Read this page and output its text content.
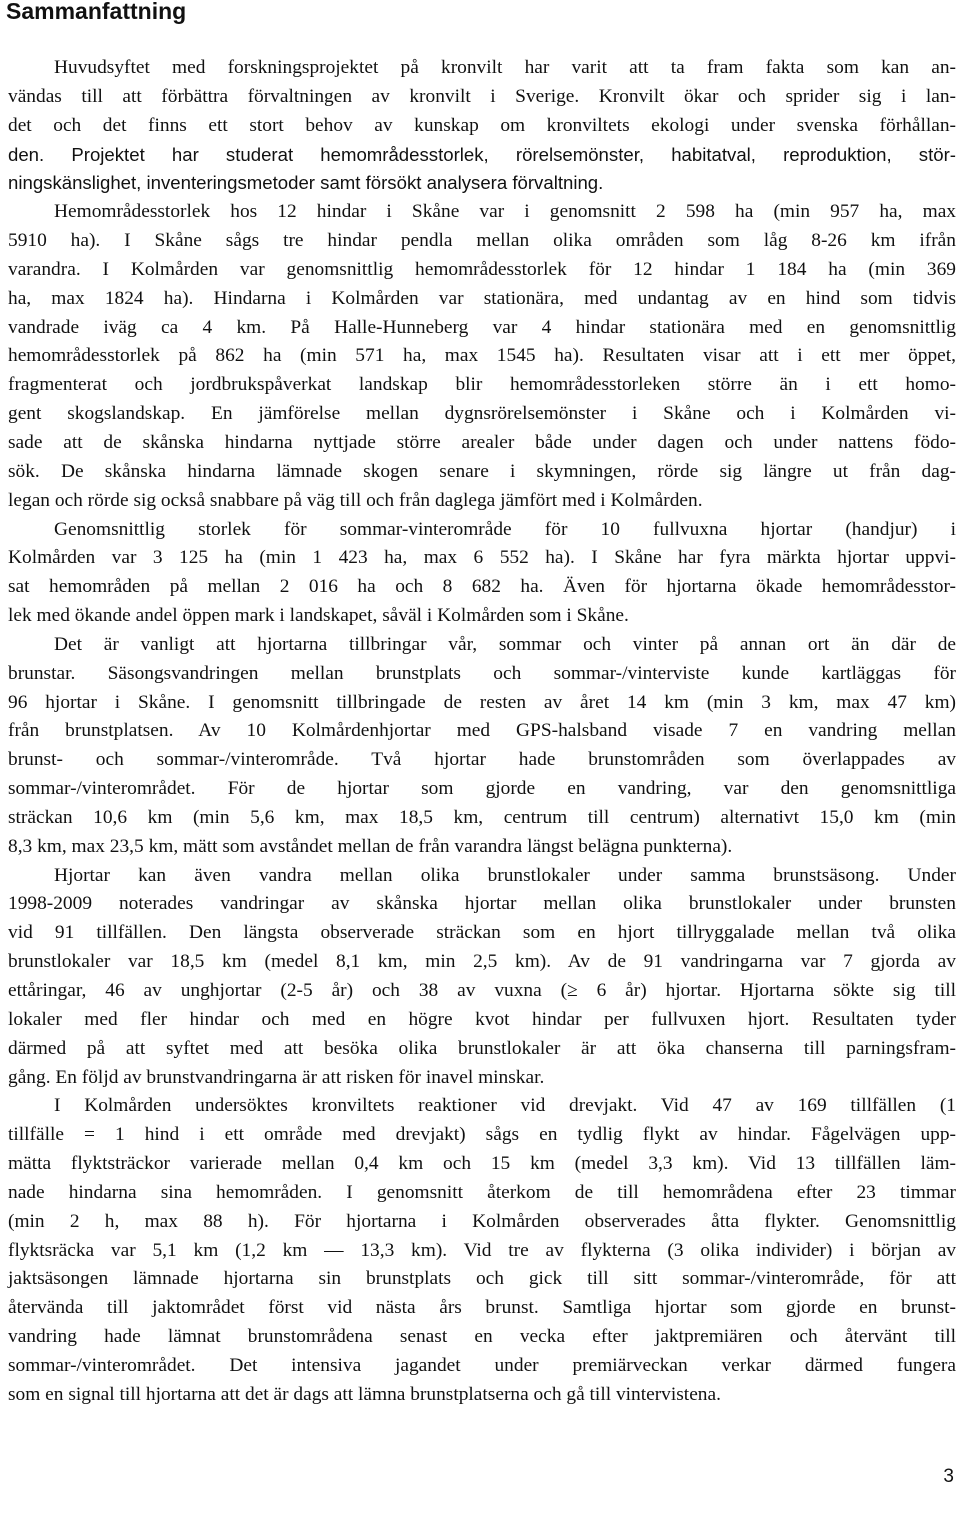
Sammanfattning

Huvudsyftet med forskningsprojektet på kronvilt har varit att ta fram fakta som kan an-
vändas till att förbättra förvaltningen av kronvilt i Sverige. Kronvilt ökar och sprider sig i lan-
det och det finns ett stort behov av kunskap om kronviltets ekologi under svenska förhållan-
den. Projektet har studerat hemområdesstorlek, rörelsemönster, habitatval, reproduktion, stör-
ningskänslighet, inventeringsmetoder samt försökt analysera förvaltning.

Hemområdesstorlek hos 12 hindar i Skåne var i genomsnitt 2 598 ha (min 957 ha, max
5910 ha). I Skåne sågs tre hindar pendla mellan olika områden som låg 8-26 km ifrån
varandra. I Kolmården var genomsnittlig hemområdesstorlek för 12 hindar 1 184 ha (min 369
ha, max 1824 ha). Hindarna i Kolmården var stationära, med undantag av en hind som tidvis
vandrade iväg ca 4 km. På Halle-Hunneberg var 4 hindar stationära med en genomsnittlig
hemområdesstorlek på 862 ha (min 571 ha, max 1545 ha). Resultaten visar att i ett mer öppet,
fragmenterat och jordbrukspåverkat landskap blir hemområdesstorleken större än i ett homo-
gent skogslandskap. En jämförelse mellan dygnsrörelsemönster i Skåne och i Kolmården vi-
sade att de skånska hindarna nyttjade större arealer både under dagen och under nattens födo-
sök. De skånska hindarna lämnade skogen senare i skymningen, rörde sig längre ut från dag-
legan och rörde sig också snabbare på väg till och från daglega jämfört med i Kolmården.

Genomsnittlig storlek för sommar-vinterområde för 10 fullvuxna hjortar (handjur) i
Kolmården var 3 125 ha (min 1 423 ha, max 6 552 ha). I Skåne har fyra märkta hjortar uppvi-
sat hemområden på mellan 2 016 ha och 8 682 ha. Även för hjortarna ökade hemområdesstor-
lek med ökande andel öppen mark i landskapet, såväl i Kolmården som i Skåne.

Det är vanligt att hjortarna tillbringar vår, sommar och vinter på annan ort än där de
brunstar. Säsongsvandringen mellan brunstplats och sommar-/vinterviste kunde kartläggas för
96 hjortar i Skåne. I genomsnitt tillbringade de resten av året 14 km (min 3 km, max 47 km)
från brunstplatsen. Av 10 Kolmårdenhjortar med GPS-halsband visade 7 en vandring mellan
brunst- och sommar-/vinterområde. Två hjortar hade brunstområden som överlappades av
sommar-/vinterområdet. För de hjortar som gjorde en vandring, var den genomsnittliga
sträckan 10,6 km (min 5,6 km, max 18,5 km, centrum till centrum) alternativt 15,0 km (min
8,3 km, max 23,5 km, mätt som avståndet mellan de från varandra längst belägna punkterna).

Hjortar kan även vandra mellan olika brunstlokaler under samma brunstsäsong. Under
1998-2009 noterades vandringar av skånska hjortar mellan olika brunstlokaler under brunsten
vid 91 tillfällen. Den längsta observerade sträckan som en hjort tillryggalade mellan två olika
brunstlokaler var 18,5 km (medel 8,1 km, min 2,5 km). Av de 91 vandringarna var 7 gjorda av
ettåringar, 46 av unghjortar (2-5 år) och 38 av vuxna (≥ 6 år) hjortar. Hjortarna sökte sig till
lokaler med fler hindar och med en högre kvot hindar per fullvuxen hjort. Resultaten tyder
därmed på att syftet med att besöka olika brunstlokaler är att öka chanserna till parningsfram-
gång. En följd av brunstvandringarna är att risken för inavel minskar.

I Kolmården undersöktes kronviltets reaktioner vid drevjakt. Vid 47 av 169 tillfällen (1
tillfälle = 1 hind i ett område med drevjakt) sågs en tydlig flykt av hindar. Fågelvägen upp-
mätta flyktsträckor varierade mellan 0,4 km och 15 km (medel 3,3 km). Vid 13 tillfällen läm-
nade hindarna sina hemområden. I genomsnitt återkom de till hemområdena efter 23 timmar
(min 2 h, max 88 h). För hjortarna i Kolmården observerades åtta flykter. Genomsnittlig
flyktsräcka var 5,1 km (1,2 km — 13,3 km). Vid tre av flykterna (3 olika individer) i början av
jaktsäsongen lämnade hjortarna sin brunstplats och gick till sitt sommar-/vinterområde, för att
återvända till jaktområdet först vid nästa års brunst. Samtliga hjortar som gjorde en brunst-
vandring hade lämnat brunstområdena senast en vecka efter jaktpremiären och återvänt till
sommar-/vinterområdet. Det intensiva jagandet under premiärveckan verkar därmed fungera
som en signal till hjortarna att det är dags att lämna brunstplatserna och gå till vintervistena.

3
